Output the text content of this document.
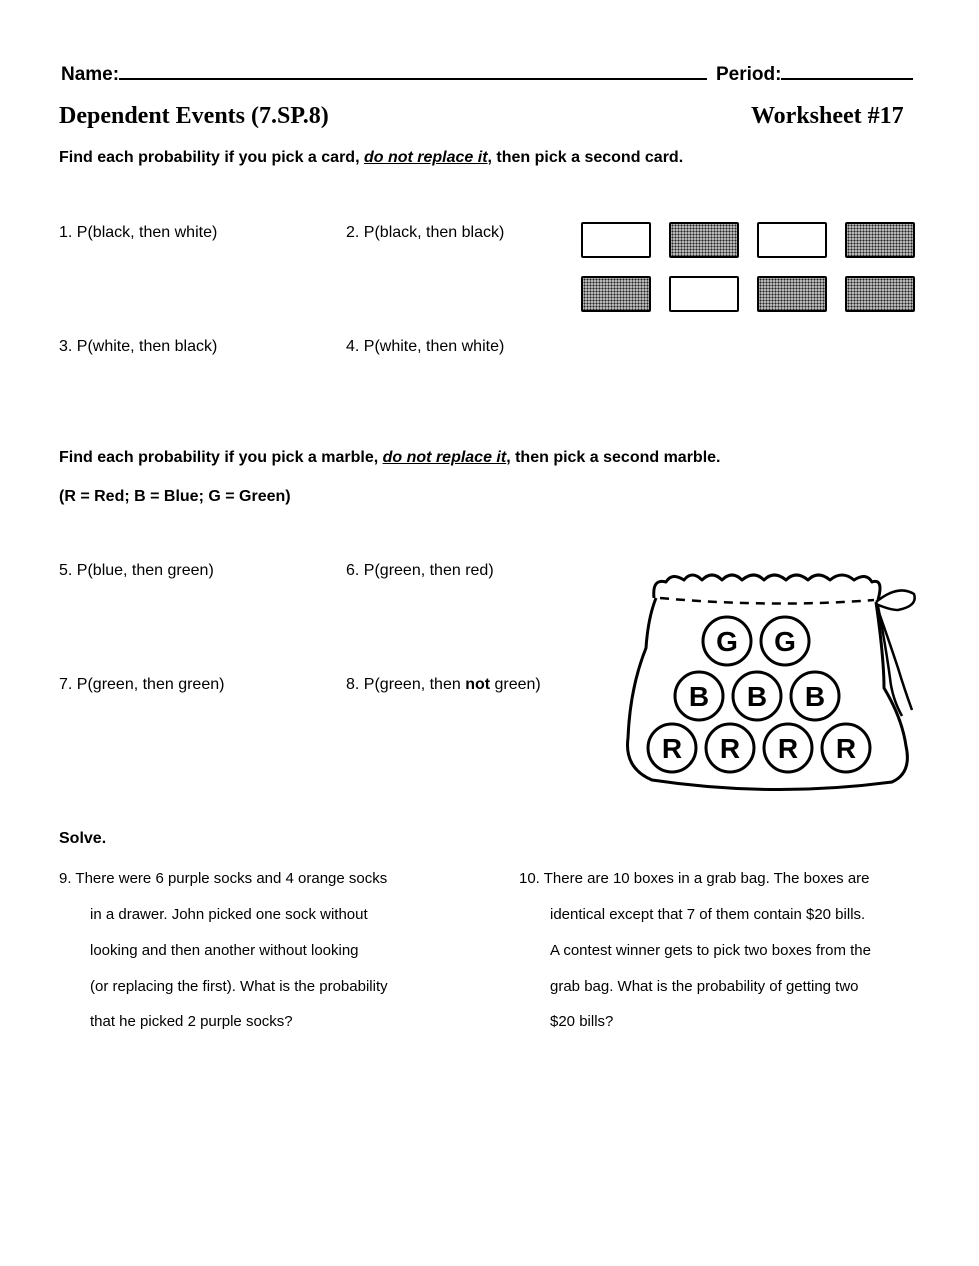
Name:	Period:
Dependent Events (7.SP.8)	Worksheet #17
Find each probability if you pick a card, do not replace it, then pick a second card.
1. P(black, then white)	2. P(black, then black)
3. P(white, then black)	4. P(white, then white)
Find each probability if you pick a marble, do not replace it, then pick a second marble.
(R = Red; B = Blue; G = Green)
5. P(blue, then green)	6. P(green, then red)
7. P(green, then green)	8. P(green, then not green)
G G
B B B
R R R R
Solve.
9. There were 6 purple socks and 4 orange socks
in a drawer. John picked one sock without
looking and then another without looking
(or replacing the first). What is the probability
that he picked 2 purple socks?
10. There are 10 boxes in a grab bag. The boxes are
identical except that 7 of them contain $20 bills.
A contest winner gets to pick two boxes from the
grab bag. What is the probability of getting two
$20 bills?
